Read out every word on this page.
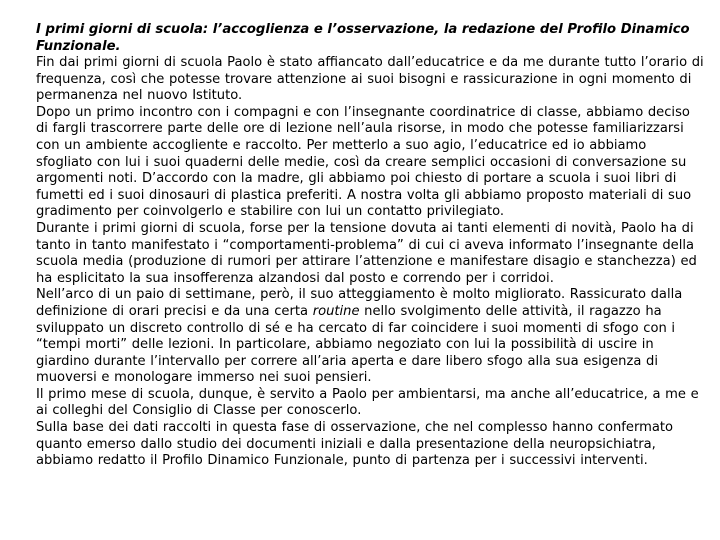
I primi giorni di scuola: l’accoglienza e l’osservazione, la redazione del Profilo Dinamico Funzionale.

Fin dai primi giorni di scuola Paolo è stato affiancato dall’educatrice e da me durante tutto l’orario di frequenza, così che potesse trovare attenzione ai suoi bisogni e rassicurazione in ogni momento di permanenza nel nuovo Istituto.

Dopo un primo incontro con i compagni e con l’insegnante coordinatrice di classe, abbiamo deciso di fargli trascorrere parte delle ore di lezione nell’aula risorse, in modo che potesse familiarizzarsi con un ambiente accogliente e raccolto. Per metterlo a suo agio, l’educatrice ed io abbiamo sfogliato con lui i suoi quaderni delle medie, così da creare semplici occasioni di conversazione su argomenti noti. D’accordo con la madre, gli abbiamo poi chiesto di portare a scuola i suoi libri di fumetti ed i suoi dinosauri di plastica preferiti. A nostra volta gli abbiamo proposto materiali di suo gradimento per coinvolgerlo e stabilire con lui un contatto privilegiato.

Durante i primi giorni di scuola, forse per la tensione dovuta ai tanti elementi di novità, Paolo ha di tanto in tanto manifestato i “comportamenti-problema” di cui ci aveva informato l’insegnante della scuola media (produzione di rumori per attirare l’attenzione e manifestare disagio e stanchezza) ed ha esplicitato la sua insofferenza alzandosi dal posto e correndo per i corridoi.

Nell’arco di un paio di settimane, però, il suo atteggiamento è molto migliorato. Rassicurato dalla definizione di orari precisi e da una certa routine nello svolgimento delle attività, il ragazzo ha sviluppato un discreto controllo di sé e ha cercato di far coincidere i suoi momenti di sfogo con i “tempi morti” delle lezioni. In particolare, abbiamo negoziato con lui la possibilità di uscire in giardino durante l’intervallo per correre all’aria aperta e dare libero sfogo alla sua esigenza di muoversi e monologare immerso nei suoi pensieri.

Il primo mese di scuola, dunque, è servito a Paolo per ambientarsi, ma anche all’educatrice, a me e ai colleghi del Consiglio di Classe per conoscerlo.

Sulla base dei dati raccolti in questa fase di osservazione, che nel complesso hanno confermato quanto emerso dallo studio dei documenti iniziali e dalla presentazione della neuropsichiatra, abbiamo redatto il Profilo Dinamico Funzionale, punto di partenza per i successivi interventi.
